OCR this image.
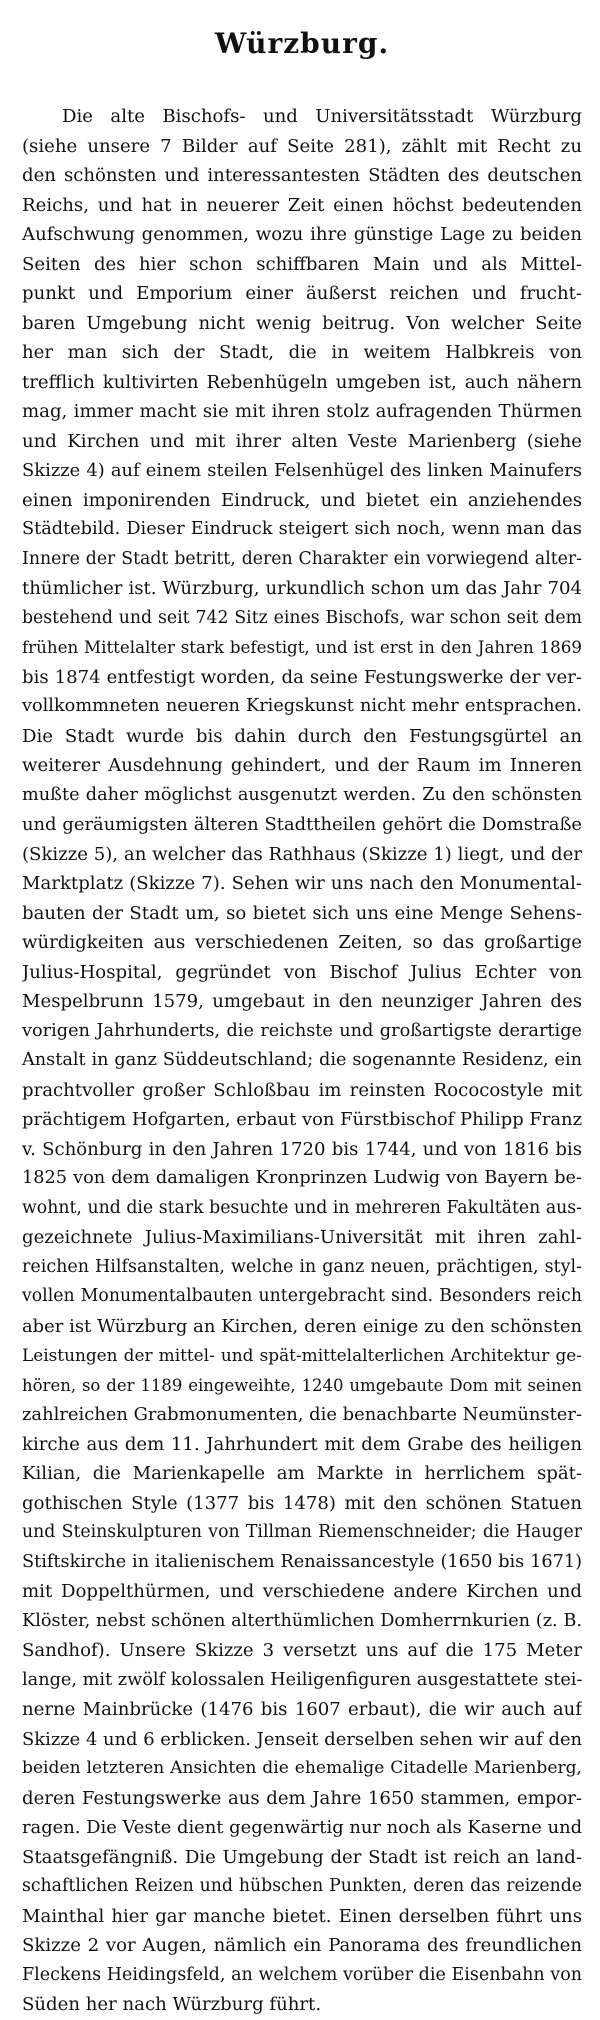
Würzburg.
Die alte Bischofs- und Universitätsstadt Würzburg
(siehe unsere 7 Bilder auf Seite 281), zählt mit Recht zu
den schönsten und interessantesten Städten des deutschen
Reichs, und hat in neuerer Zeit einen höchst bedeutenden
Aufschwung genommen, wozu ihre günstige Lage zu beiden
Seiten des hier schon schiffbaren Main und als Mittel-
punkt und Emporium einer äußerst reichen und frucht-
baren Umgebung nicht wenig beitrug. Von welcher Seite
her man sich der Stadt, die in weitem Halbkreis von
trefflich kultivirten Rebenhügeln umgeben ist, auch nähern
mag, immer macht sie mit ihren stolz aufragenden Thürmen
und Kirchen und mit ihrer alten Veste Marienberg (siehe
Skizze 4) auf einem steilen Felsenhügel des linken Mainufers
einen imponirenden Eindruck, und bietet ein anziehendes
Städtebild. Dieser Eindruck steigert sich noch, wenn man das
Innere der Stadt betritt, deren Charakter ein vorwiegend alter-
thümlicher ist. Würzburg, urkundlich schon um das Jahr 704
bestehend und seit 742 Sitz eines Bischofs, war schon seit dem
frühen Mittelalter stark befestigt, und ist erst in den Jahren 1869
bis 1874 entfestigt worden, da seine Festungswerke der ver-
vollkommneten neueren Kriegskunst nicht mehr entsprachen.
Die Stadt wurde bis dahin durch den Festungsgürtel an
weiterer Ausdehnung gehindert, und der Raum im Inneren
mußte daher möglichst ausgenutzt werden. Zu den schönsten
und geräumigsten älteren Stadttheilen gehört die Domstraße
(Skizze 5), an welcher das Rathhaus (Skizze 1) liegt, und der
Marktplatz (Skizze 7). Sehen wir uns nach den Monumental-
bauten der Stadt um, so bietet sich uns eine Menge Sehens-
würdigkeiten aus verschiedenen Zeiten, so das großartige
Julius-Hospital, gegründet von Bischof Julius Echter von
Mespelbrunn 1579, umgebaut in den neunziger Jahren des
vorigen Jahrhunderts, die reichste und großartigste derartige
Anstalt in ganz Süddeutschland; die sogenannte Residenz, ein
prachtvoller großer Schloßbau im reinsten Rococostyle mit
prächtigem Hofgarten, erbaut von Fürstbischof Philipp Franz
v. Schönburg in den Jahren 1720 bis 1744, und von 1816 bis
1825 von dem damaligen Kronprinzen Ludwig von Bayern be-
wohnt, und die stark besuchte und in mehreren Fakultäten aus-
gezeichnete Julius-Maximilians-Universität mit ihren zahl-
reichen Hilfsanstalten, welche in ganz neuen, prächtigen, styl-
vollen Monumentalbauten untergebracht sind. Besonders reich
aber ist Würzburg an Kirchen, deren einige zu den schönsten
Leistungen der mittel- und spät-mittelalterlichen Architektur ge-
hören, so der 1189 eingeweihte, 1240 umgebaute Dom mit seinen
zahlreichen Grabmonumenten, die benachbarte Neumünster-
kirche aus dem 11. Jahrhundert mit dem Grabe des heiligen
Kilian, die Marienkapelle am Markte in herrlichem spät-
gothischen Style (1377 bis 1478) mit den schönen Statuen
und Steinskulpturen von Tillman Riemenschneider; die Hauger
Stiftskirche in italienischem Renaissancestyle (1650 bis 1671)
mit Doppelthürmen, und verschiedene andere Kirchen und
Klöster, nebst schönen alterthümlichen Domherrnkurien (z. B.
Sandhof). Unsere Skizze 3 versetzt uns auf die 175 Meter
lange, mit zwölf kolossalen Heiligenfiguren ausgestattete stei-
nerne Mainbrücke (1476 bis 1607 erbaut), die wir auch auf
Skizze 4 und 6 erblicken. Jenseit derselben sehen wir auf den
beiden letzteren Ansichten die ehemalige Citadelle Marienberg,
deren Festungswerke aus dem Jahre 1650 stammen, empor-
ragen. Die Veste dient gegenwärtig nur noch als Kaserne und
Staatsgefängniß. Die Umgebung der Stadt ist reich an land-
schaftlichen Reizen und hübschen Punkten, deren das reizende
Mainthal hier gar manche bietet. Einen derselben führt uns
Skizze 2 vor Augen, nämlich ein Panorama des freundlichen
Fleckens Heidingsfeld, an welchem vorüber die Eisenbahn von
Süden her nach Würzburg führt.
